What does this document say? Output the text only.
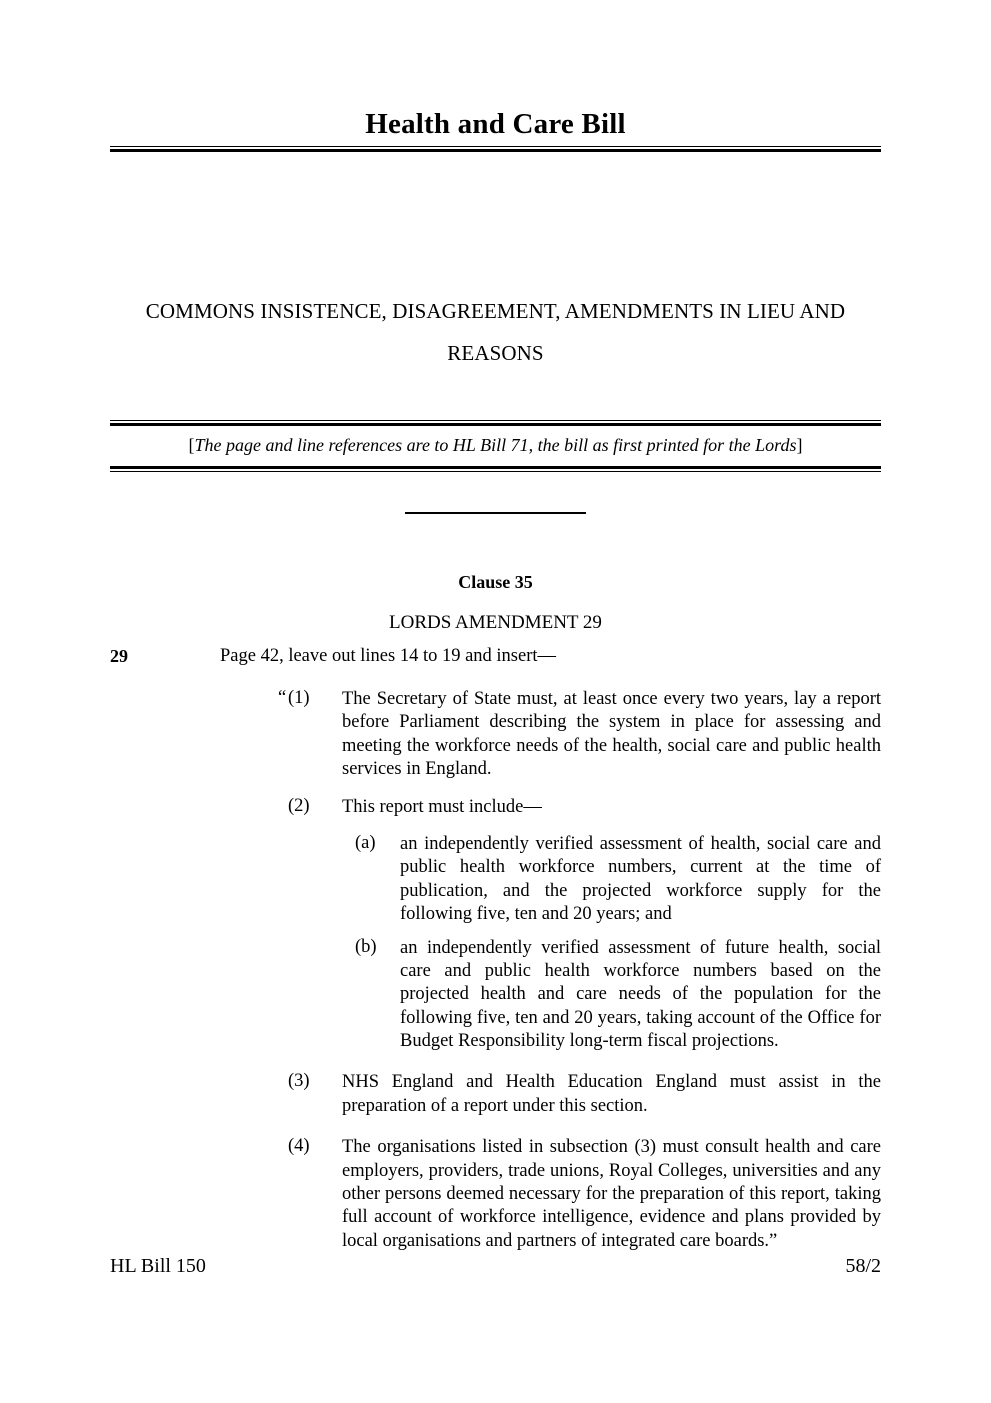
Health and Care Bill
COMMONS INSISTENCE, DISAGREEMENT, AMENDMENTS IN LIEU AND REASONS
[The page and line references are to HL Bill 71, the bill as first printed for the Lords]
Clause 35
LORDS AMENDMENT 29
29	Page 42, leave out lines 14 to 19 and insert—
“ (1)	The Secretary of State must, at least once every two years, lay a report before Parliament describing the system in place for assessing and meeting the workforce needs of the health, social care and public health services in England.
(2)	This report must include—
(a)	an independently verified assessment of health, social care and public health workforce numbers, current at the time of publication, and the projected workforce supply for the following five, ten and 20 years; and
(b)	an independently verified assessment of future health, social care and public health workforce numbers based on the projected health and care needs of the population for the following five, ten and 20 years, taking account of the Office for Budget Responsibility long-term fiscal projections.
(3)	NHS England and Health Education England must assist in the preparation of a report under this section.
(4)	The organisations listed in subsection (3) must consult health and care employers, providers, trade unions, Royal Colleges, universities and any other persons deemed necessary for the preparation of this report, taking full account of workforce intelligence, evidence and plans provided by local organisations and partners of integrated care boards.”
HL Bill 150	58/2
